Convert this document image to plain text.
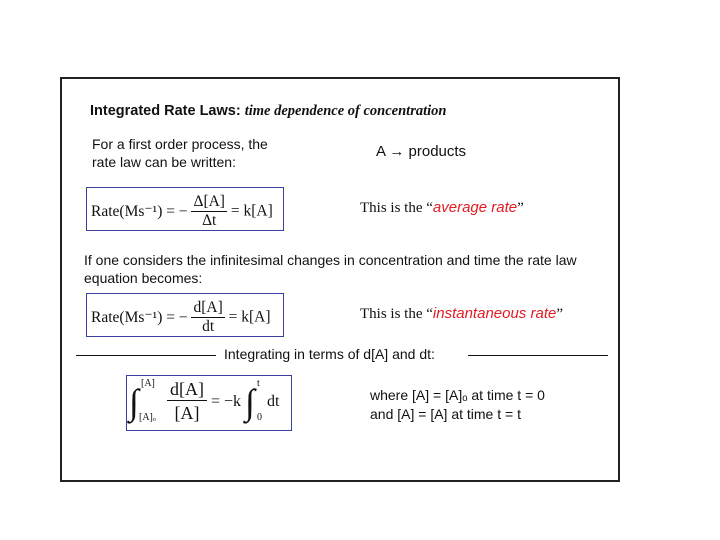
Integrated Rate Laws: time dependence of concentration
For a first order process, the
rate law can be written:
A → products
Rate(Ms⁻¹) = − $\frac{\Delta[A]}{\Delta t} = k[A]$	This is the “average rate”
If one considers the infinitesimal changes in concentration and time the rate law equation becomes:
Rate(Ms⁻¹) = − $\frac{d[A]}{dt} = k[A]$	This is the “instantaneous rate”
Integrating in terms of d[A] and dt:
∫ [A]
$[A]_o \frac{d[A]}{[A]} = -k$ ∫ t
0
dt	where [A] = [A]ₒ at time t = 0
and [A] = [A] at time t = t
